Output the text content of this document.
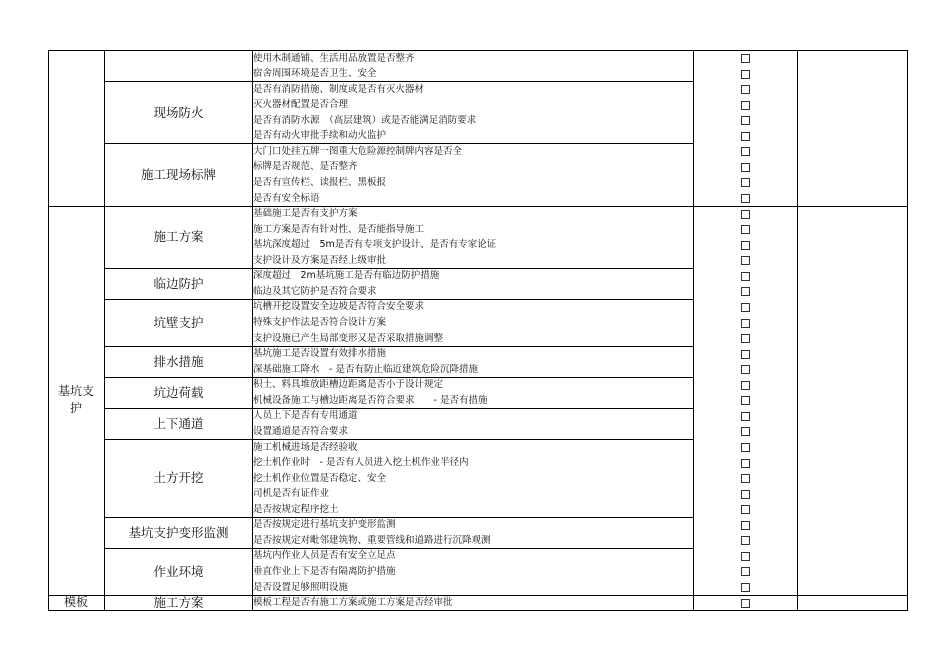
使用木制通铺、生活用品放置是否整齐
宿舍周围环境是否卫生、安全
是否有消防措施、制度或是否有灭火器材
灭火器材配置是否合理
是否有消防水源　（高层建筑）或是否能满足消防要求
是否有动火审批手续和动火监护
现场防火
大门口处挂五牌一图重大危险源控制牌内容是否全
标牌是否规范、是否整齐
是否有宣传栏、读报栏、黑板报
是否有安全标语
施工现场标牌
基础施工是否有支护方案
施工方案是否有针对性、是否能指导施工
基坑深度超过　5m是否有专项支护设计、是否有专家论证
支护设计及方案是否经上级审批
施工方案
深度超过　2m基坑施工是否有临边防护措施
临边及其它防护是否符合要求
临边防护
坑槽开挖设置安全边坡是否符合安全要求
特殊支护作法是否符合设计方案
支护设施已产生局部变形又是否采取措施调整
坑壁支护
基坑施工是否设置有效排水措施
深基础施工降水　- 是否有防止临近建筑危险沉降措施
排水措施
积土、料具堆放距槽边距离是否小于设计规定
机械设备施工与槽边距离是否符合要求　　- 是否有措施
坑边荷载
人员上下是否有专用通道
设置通道是否符合要求
上下通道
施工机械进场是否经验收
挖土机作业时　- 是否有人员进入挖土机作业半径内
挖土机作业位置是否稳定、安全
司机是否有证作业
是否按规定程序挖土
土方开挖
是否按规定进行基坑支护变形监测
是否按规定对毗邻建筑物、重要管线和道路进行沉降观测
基坑支护变形监测
基坑内作业人员是否有安全立足点
垂直作业上下是否有隔离防护措施
是否设置足够照明设施
作业环境
基坑支护
模板工程是否有施工方案或施工方案是否经审批
施工方案
模板
